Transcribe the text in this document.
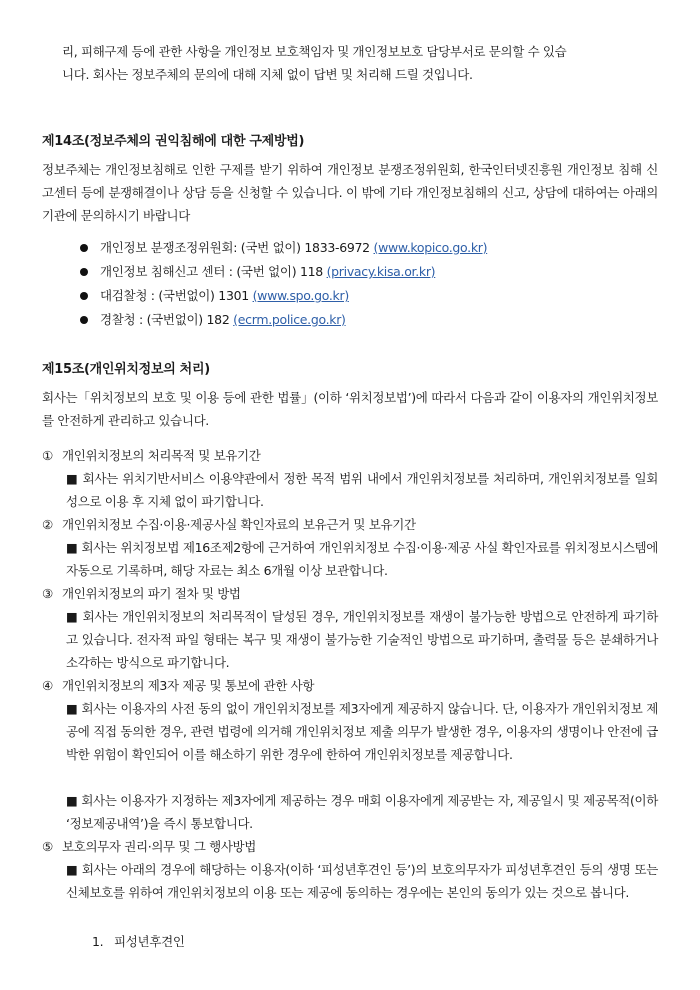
리, 피해구제 등에 관한 사항을 개인정보 보호책임자 및 개인정보보호 담당부서로 문의할 수 있습
니다. 회사는 정보주체의 문의에 대해 지체 없이 답변 및 처리해 드릴 것입니다.

제14조(정보주체의 권익침해에 대한 구제방법)

정보주체는 개인정보침해로 인한 구제를 받기 위하여 개인정보 분쟁조정위원회, 한국인터넷진흥원 개인정보 침해 신고센터 등에 분쟁해결이나 상담 등을 신청할 수 있습니다. 이 밖에 기타 개인정보침해의 신고, 상담에 대하여는 아래의 기관에 문의하시기 바랍니다

개인정보 분쟁조정위원회: (국번 없이) 1833-6972 (www.kopico.go.kr)
개인정보 침해신고 센터 : (국번 없이) 118 (privacy.kisa.or.kr)
대검찰청 : (국번없이) 1301 (www.spo.go.kr)
경찰청 : (국번없이) 182 (ecrm.police.go.kr)
제15조(개인위치정보의 처리)

회사는「위치정보의 보호 및 이용 등에 관한 법률」(이하 ‘위치정보법’)에 따라서 다음과 같이 이용자의 개인위치정보를 안전하게 관리하고 있습니다.

① 개인위치정보의 처리목적 및 보유기간

■ 회사는 위치기반서비스 이용약관에서 정한 목적 범위 내에서 개인위치정보를 처리하며, 개인위치정보를 일회성으로 이용 후 지체 없이 파기합니다.

② 개인위치정보 수집·이용·제공사실 확인자료의 보유근거 및 보유기간

■ 회사는 위치정보법 제16조제2항에 근거하여 개인위치정보 수집·이용·제공 사실 확인자료를 위치정보시스템에 자동으로 기록하며, 해당 자료는 최소 6개월 이상 보관합니다.

③ 개인위치정보의 파기 절차 및 방법

■ 회사는 개인위치정보의 처리목적이 달성된 경우, 개인위치정보를 재생이 불가능한 방법으로 안전하게 파기하고 있습니다. 전자적 파일 형태는 복구 및 재생이 불가능한 기술적인 방법으로 파기하며, 출력물 등은 분쇄하거나 소각하는 방식으로 파기합니다.

④ 개인위치정보의 제3자 제공 및 통보에 관한 사항

■ 회사는 이용자의 사전 동의 없이 개인위치정보를 제3자에게 제공하지 않습니다. 단, 이용자가 개인위치정보 제공에 직접 동의한 경우, 관련 법령에 의거해 개인위치정보 제출 의무가 발생한 경우, 이용자의 생명이나 안전에 급박한 위험이 확인되어 이를 해소하기 위한 경우에 한하여 개인위치정보를 제공합니다.

■ 회사는 이용자가 지정하는 제3자에게 제공하는 경우 매회 이용자에게 제공받는 자, 제공일시 및 제공목적(이하 ‘정보제공내역’)을 즉시 통보합니다.

⑤ 보호의무자 권리·의무 및 그 행사방법

■ 회사는 아래의 경우에 해당하는 이용자(이하 ‘피성년후견인 등’)의 보호의무자가 피성년후견인 등의 생명 또는 신체보호를 위하여 개인위치정보의 이용 또는 제공에 동의하는 경우에는 본인의 동의가 있는 것으로 봅니다.

1. 피성년후견인
